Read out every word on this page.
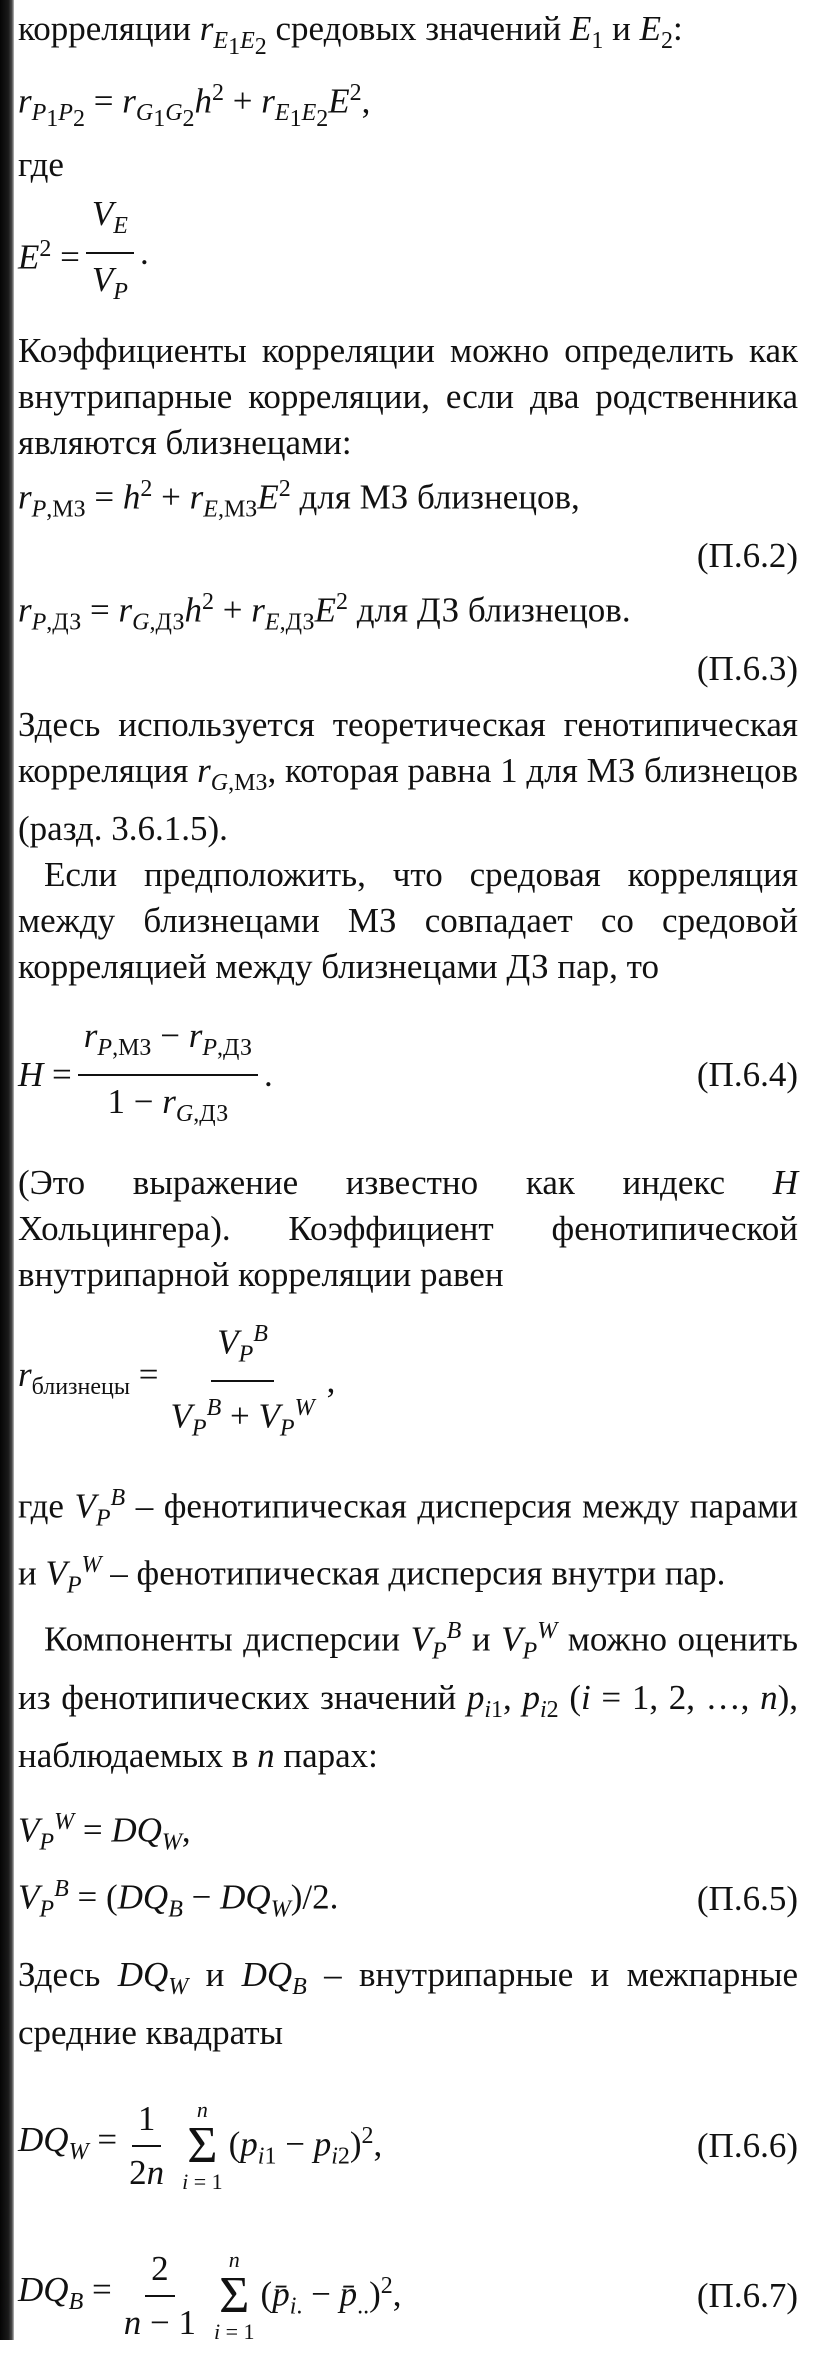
корреляции $r_{E_1E_2}$ средовых значений $E_1$ и $E_2$:

$r_{P_1P_2} = r_{G_1G_2}h^2 + r_{E_1E_2}E^2$,

где

$E^2 = \frac{V_E}{V_P}$ .

Коэффициенты корреляции можно определить как внутрипарные корреляции, если два родственника являются близнецами:

$r_{P,МЗ} = h^2 + r_{E,МЗ}E^2$ для МЗ близнецов,
(П.6.2)
$r_{P,ДЗ} = r_{G,ДЗ}h^2 + r_{E,ДЗ}E^2$ для ДЗ близнецов.
(П.6.3)

Здесь используется теоретическая генотипическая корреляция $r_{G,МЗ}$, которая равна 1 для МЗ близнецов (разд. 3.6.1.5).

Если предположить, что средовая корреляция между близнецами МЗ совпадает со средовой корреляцией между близнецами ДЗ пар, то

$H = \frac{r_{P,МЗ} - r_{P,ДЗ}}{1 - r_{G,ДЗ}}$ .	(П.6.4)

(Это выражение известно как индекс H Хольцингера). Коэффициент фенотипической внутрипарной корреляции равен

$r_{близнецы} = \frac{V_P^B}{V_P^B + V_P^W}$ ,

где $V_P^B$ – фенотипическая дисперсия между парами и $V_P^W$ – фенотипическая дисперсия внутри пар.

Компоненты дисперсии $V_P^B$ и $V_P^W$ можно оценить из фенотипических значений $p_{i1}$, $p_{i2}$ (i = 1, 2, …, n), наблюдаемых в n парах:

$V_P^W = DQ_W$,
$V_P^B = (DQ_B - DQ_W)/2$.	(П.6.5)

Здесь $DQ_W$ и $DQ_B$ – внутрипарные и межпарные средние квадраты

$DQ_W = \frac{1}{2n}$ n
Σ
i = 1
$(p_{i1} - p_{i2})^2$,	(П.6.6)
$DQ_B = \frac{2}{n - 1}$ n
Σ
i = 1
($p̄_{i.}$ − $p̄_{..})^2$,	(П.6.7)
